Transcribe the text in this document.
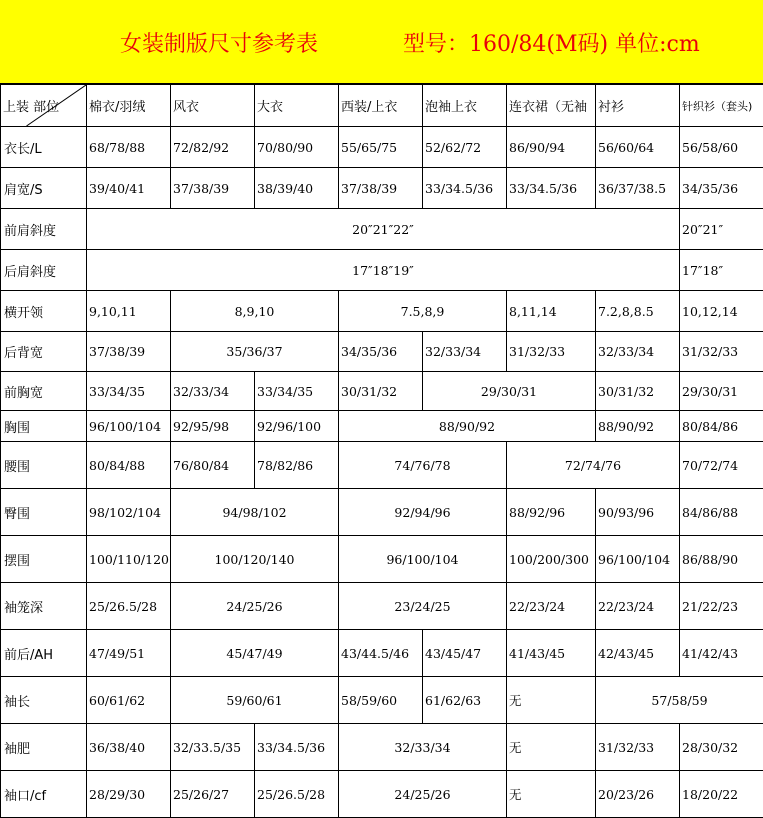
女装制版尺寸参考表	型号：160/84(M码) 单位:cm
上装 部位	棉衣/羽绒	风衣	大衣	西装/上衣	泡袖上衣	连衣裙（无袖	衬衫	针织衫（套头)
衣长/L	68/78/88	72/82/92	70/80/90	55/65/75	52/62/72	86/90/94	56/60/64	56/58/60
肩宽/S	39/40/41	37/38/39	38/39/40	37/38/39	33/34.5/36	33/34.5/36	36/37/38.5	34/35/36
前肩斜度	20″21″22″							20″21″
后肩斜度	17″18″19″							17″18″
横开领	9,10,11	8,9,10		7.5,8,9		8,11,14	7.2,8,8.5	10,12,14
后背宽	37/38/39	35/36/37		34/35/36	32/33/34	31/32/33	32/33/34	31/32/33
前胸宽	33/34/35	32/33/34	33/34/35	30/31/32	29/30/31		30/31/32	29/30/31
胸围	96/100/104	92/95/98	92/96/100	88/90/92			88/90/92	80/84/86
腰围	80/84/88	76/80/84	78/82/86	74/76/78		72/74/76		70/72/74
臀围	98/102/104	94/98/102		92/94/96		88/92/96	90/93/96	84/86/88
摆围	100/110/120	100/120/140		96/100/104		100/200/300	96/100/104	86/88/90
袖笼深	25/26.5/28	24/25/26		23/24/25		22/23/24	22/23/24	21/22/23
前后/AH	47/49/51	45/47/49		43/44.5/46	43/45/47	41/43/45	42/43/45	41/42/43
袖长	60/61/62	59/60/61		58/59/60	61/62/63	无	57/58/59	
袖肥	36/38/40	32/33.5/35	33/34.5/36	32/33/34		无	31/32/33	28/30/32
袖口/cf	28/29/30	25/26/27	25/26.5/28	24/25/26		无	20/23/26	18/20/22
